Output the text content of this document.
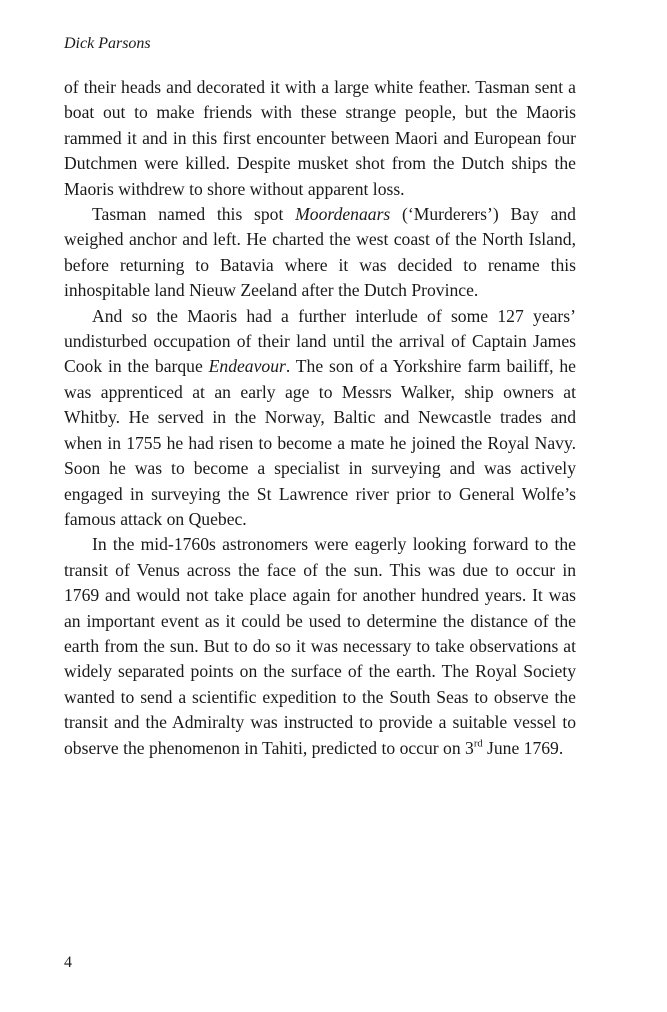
Dick Parsons

of their heads and decorated it with a large white feather. Tasman sent a boat out to make friends with these strange people, but the Maoris rammed it and in this first encounter between Maori and European four Dutchmen were killed. Despite musket shot from the Dutch ships the Maoris withdrew to shore without apparent loss.

Tasman named this spot Moordenaars (‘Murderers’) Bay and weighed anchor and left. He charted the west coast of the North Island, before returning to Batavia where it was decided to rename this inhospitable land Nieuw Zeeland after the Dutch Province.

And so the Maoris had a further interlude of some 127 years’ undisturbed occupation of their land until the arrival of Captain James Cook in the barque Endeavour. The son of a Yorkshire farm bailiff, he was apprenticed at an early age to Messrs Walker, ship owners at Whitby. He served in the Norway, Baltic and Newcastle trades and when in 1755 he had risen to become a mate he joined the Royal Navy. Soon he was to become a specialist in surveying and was actively engaged in surveying the St Lawrence river prior to General Wolfe’s famous attack on Quebec.

In the mid-1760s astronomers were eagerly looking forward to the transit of Venus across the face of the sun. This was due to occur in 1769 and would not take place again for another hundred years. It was an important event as it could be used to determine the distance of the earth from the sun. But to do so it was necessary to take observations at widely separated points on the surface of the earth. The Royal Society wanted to send a scientific expedition to the South Seas to observe the transit and the Admiralty was instructed to provide a suitable vessel to observe the phenomenon in Tahiti, predicted to occur on 3rd June 1769.

4
